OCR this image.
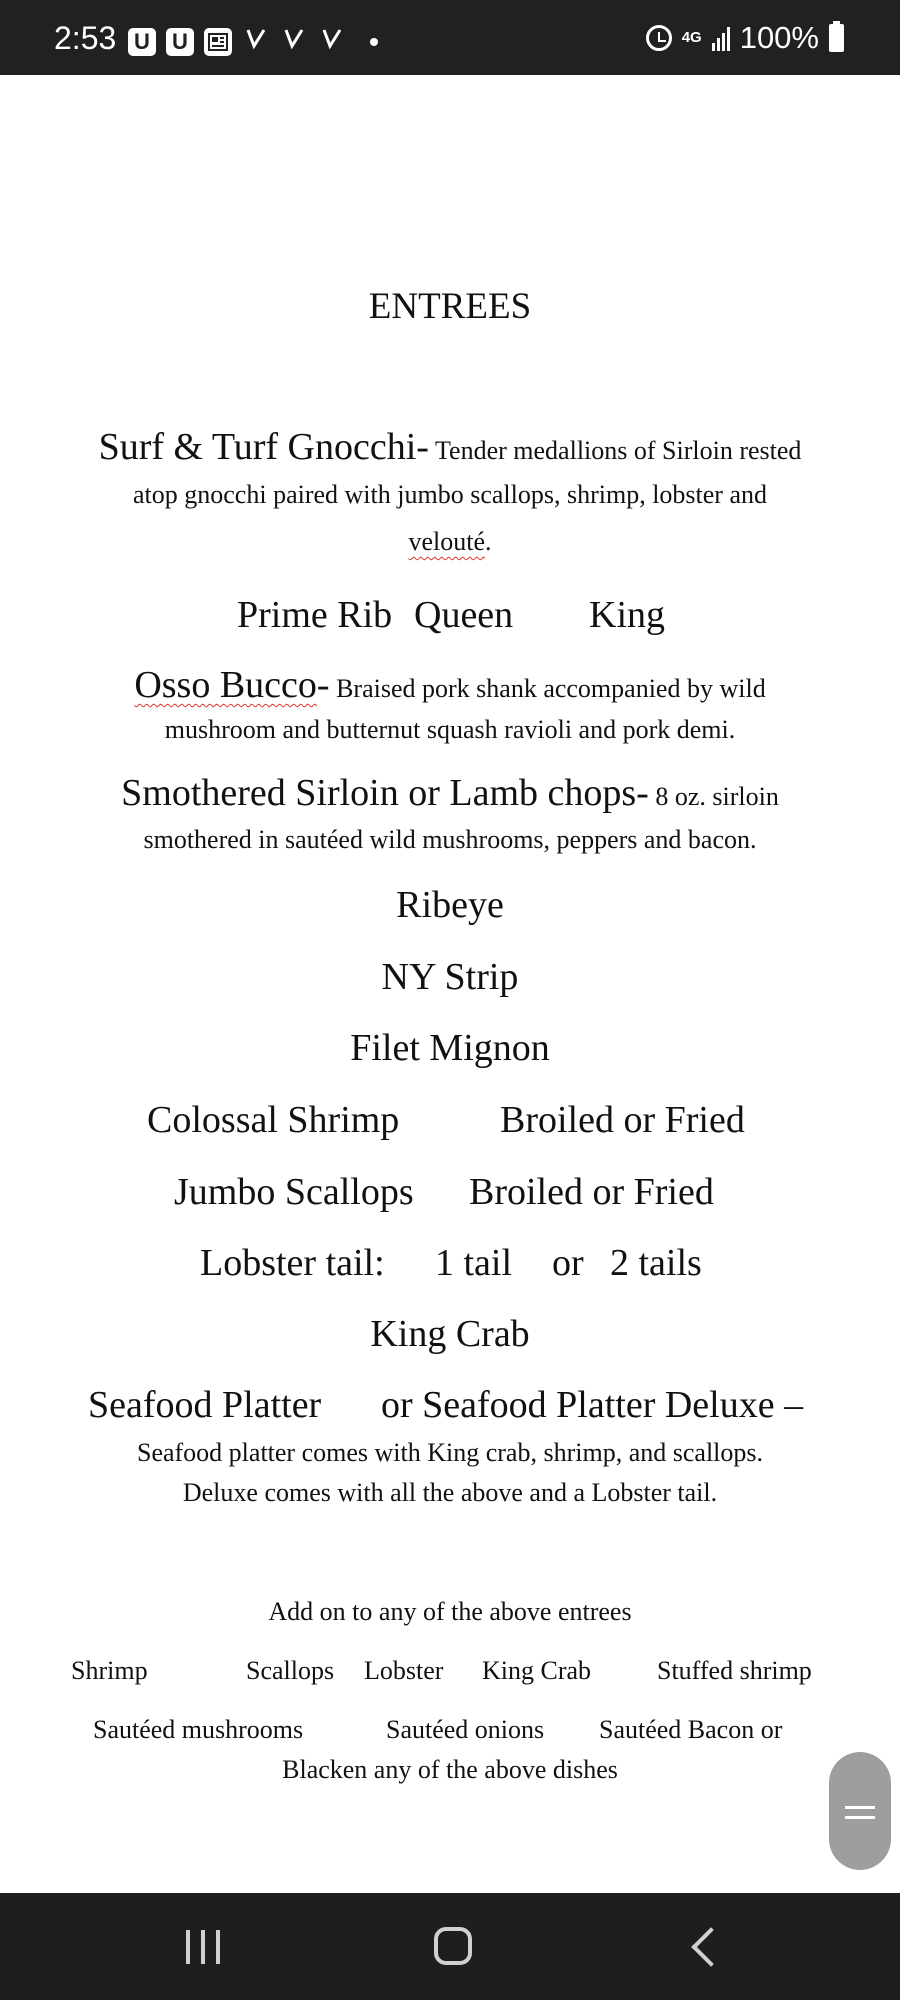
2:53 U U	4G 100%
ENTREES
Surf & Turf Gnocchi- Tender medallions of Sirloin rested
atop gnocchi paired with jumbo scallops, shrimp, lobster and
velouté.
Prime Rib Queen King
Osso Bucco- Braised pork shank accompanied by wild
mushroom and butternut squash ravioli and pork demi.
Smothered Sirloin or Lamb chops- 8 oz. sirloin
smothered in sautéed wild mushrooms, peppers and bacon.
Ribeye
NY Strip
Filet Mignon
Colossal Shrimp	Broiled or Fried
Jumbo Scallops Broiled or Fried
Lobster tail: 1 tail or 2 tails
King Crab
Seafood Platter or Seafood Platter Deluxe –
Seafood platter comes with King crab, shrimp, and scallops.
Deluxe comes with all the above and a Lobster tail.
Add on to any of the above entrees
Shrimp	Scallops Lobster King Crab	Stuffed shrimp
Sautéed mushrooms	Sautéed onions Sautéed Bacon or
Blacken any of the above dishes
